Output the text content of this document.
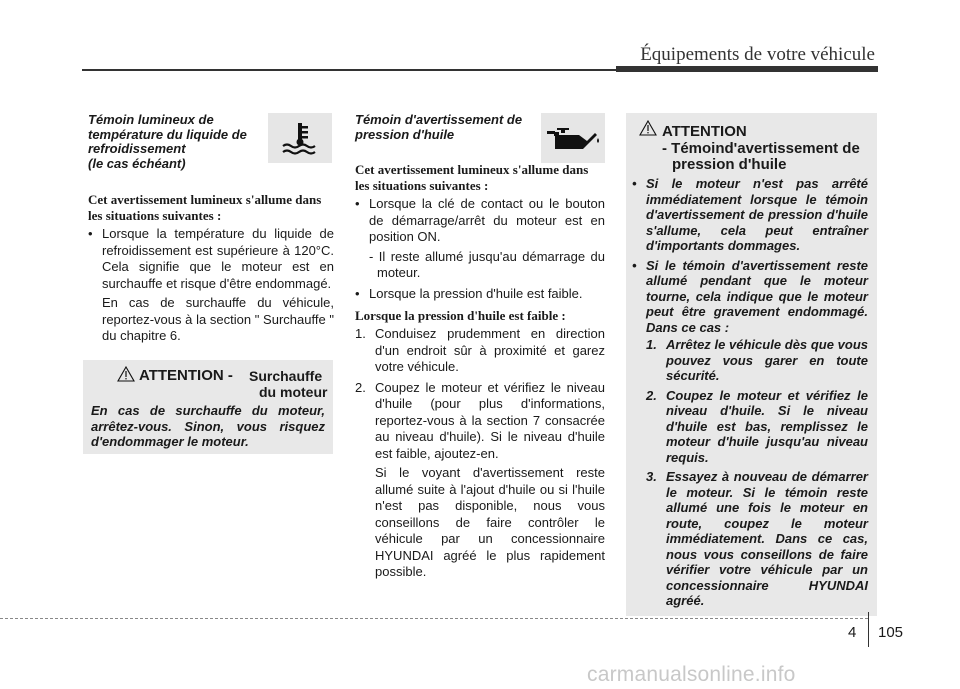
Équipements de votre véhicule
Témoin lumineux de
température du liquide de
refroidissement
(le cas échéant)
Cet avertissement lumineux s'allume dans
les situations suivantes :

• Lorsque la température du liquide de refroidissement est supérieure à 120°C. Cela signifie que le moteur est en surchauffe et risque d'être endommagé.

En cas de surchauffe du véhicule, reportez-vous à la section " Surchauffe " du chapitre 6.

ATTENTION - Surchauffe
du moteur

En cas de surchauffe du moteur, arrêtez-vous. Sinon, vous risquez d'endommager le moteur.

Témoin d'avertissement de
pression d'huile
Cet avertissement lumineux s'allume dans
les situations suivantes :

• Lorsque la clé de contact ou le bouton de démarrage/arrêt du moteur est en position ON.

- Il reste allumé jusqu'au démarrage du moteur.

• Lorsque la pression d'huile est faible.

Lorsque la pression d'huile est faible :
1. Conduisez prudemment en direction d'un endroit sûr à proximité et garez votre véhicule.

2. Coupez le moteur et vérifiez le niveau d'huile (pour plus d'informations, reportez-vous à la section 7 consacrée au niveau d'huile). Si le niveau d'huile est faible, ajoutez-en.

Si le voyant d'avertissement reste allumé suite à l'ajout d'huile ou si l'huile n'est pas disponible, nous vous conseillons de faire contrôler le véhicule par un concessionnaire HYUNDAI agréé le plus rapidement possible.

ATTENTION
- Témoind'avertissement de
pression d'huile

• Si le moteur n'est pas arrêté immédiatement lorsque le témoin d'avertissement de pression d'huile s'allume, cela peut entraîner d'importants dommages.

• Si le témoin d'avertissement reste allumé pendant que le moteur tourne, cela indique que le moteur peut être gravement endommagé. Dans ce cas :

1. Arrêtez le véhicule dès que vous pouvez vous garer en toute sécurité.

2. Coupez le moteur et vérifiez le niveau d'huile. Si le niveau d'huile est bas, remplissez le moteur d'huile jusqu'au niveau requis.

3. Essayez à nouveau de démarrer le moteur. Si le témoin reste allumé une fois le moteur en route, coupez le moteur immédiatement. Dans ce cas, nous vous conseillons de faire vérifier votre véhicule par un concessionnaire HYUNDAI agréé.

4 105
carmanualsonline.info
